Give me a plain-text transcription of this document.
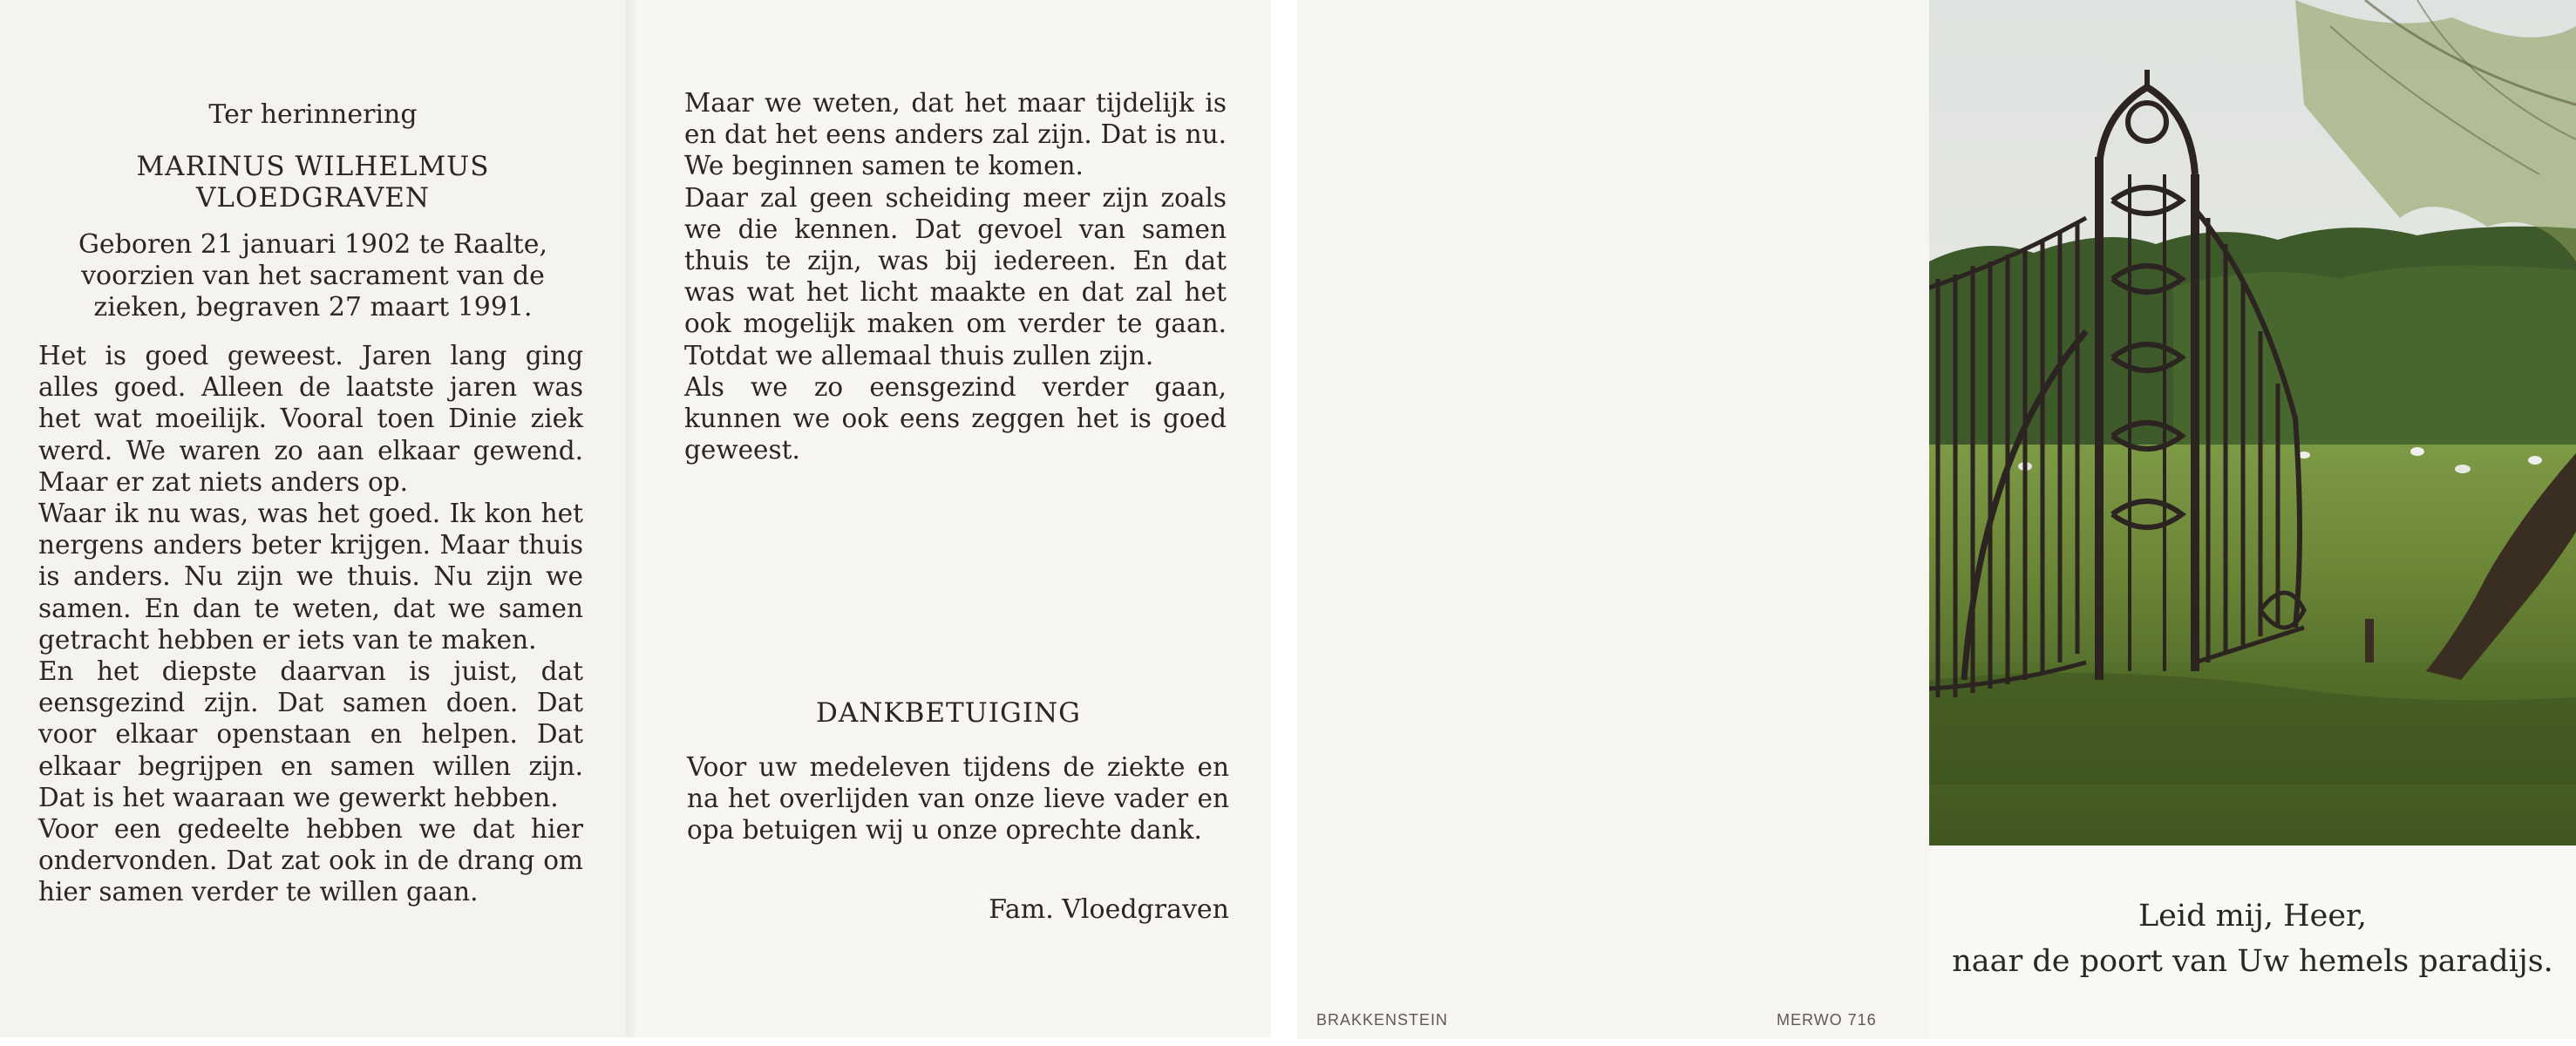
Ter herinnering
MARINUS WILHELMUS
VLOEDGRAVEN
Geboren 21 januari 1902 te Raalte,
voorzien van het sacrament van de
zieken, begraven 27 maart 1991.

Het is goed geweest. Jaren lang ging alles goed. Alleen de laatste jaren was het wat moeilijk. Vooral toen Dinie ziek werd. We waren zo aan elkaar gewend. Maar er zat niets anders op.

Waar ik nu was, was het goed. Ik kon het nergens anders beter krijgen. Maar thuis is anders. Nu zijn we thuis. Nu zijn we samen. En dan te weten, dat we samen getracht hebben er iets van te maken.

En het diepste daarvan is juist, dat eensgezind zijn. Dat samen doen. Dat voor elkaar openstaan en helpen. Dat elkaar begrijpen en samen willen zijn. Dat is het waaraan we gewerkt hebben.

Voor een gedeelte hebben we dat hier ondervonden. Dat zat ook in de drang om hier samen verder te willen gaan.

Maar we weten, dat het maar tijdelijk is en dat het eens anders zal zijn. Dat is nu. We beginnen samen te komen.

Daar zal geen scheiding meer zijn zoals we die kennen. Dat gevoel van samen thuis te zijn, was bij iedereen. En dat was wat het licht maakte en dat zal het ook mogelijk maken om verder te gaan. Totdat we allemaal thuis zullen zijn.

Als we zo eensgezind verder gaan, kunnen we ook eens zeggen het is goed geweest.

DANKBETUIGING

Voor uw medeleven tijdens de ziekte en na het overlijden van onze lieve vader en opa betuigen wij u onze oprechte dank.

Fam. Vloedgraven
BRAKKENSTEIN	MERWO 716
Leid mij, Heer,
naar de poort van Uw hemels paradijs.
